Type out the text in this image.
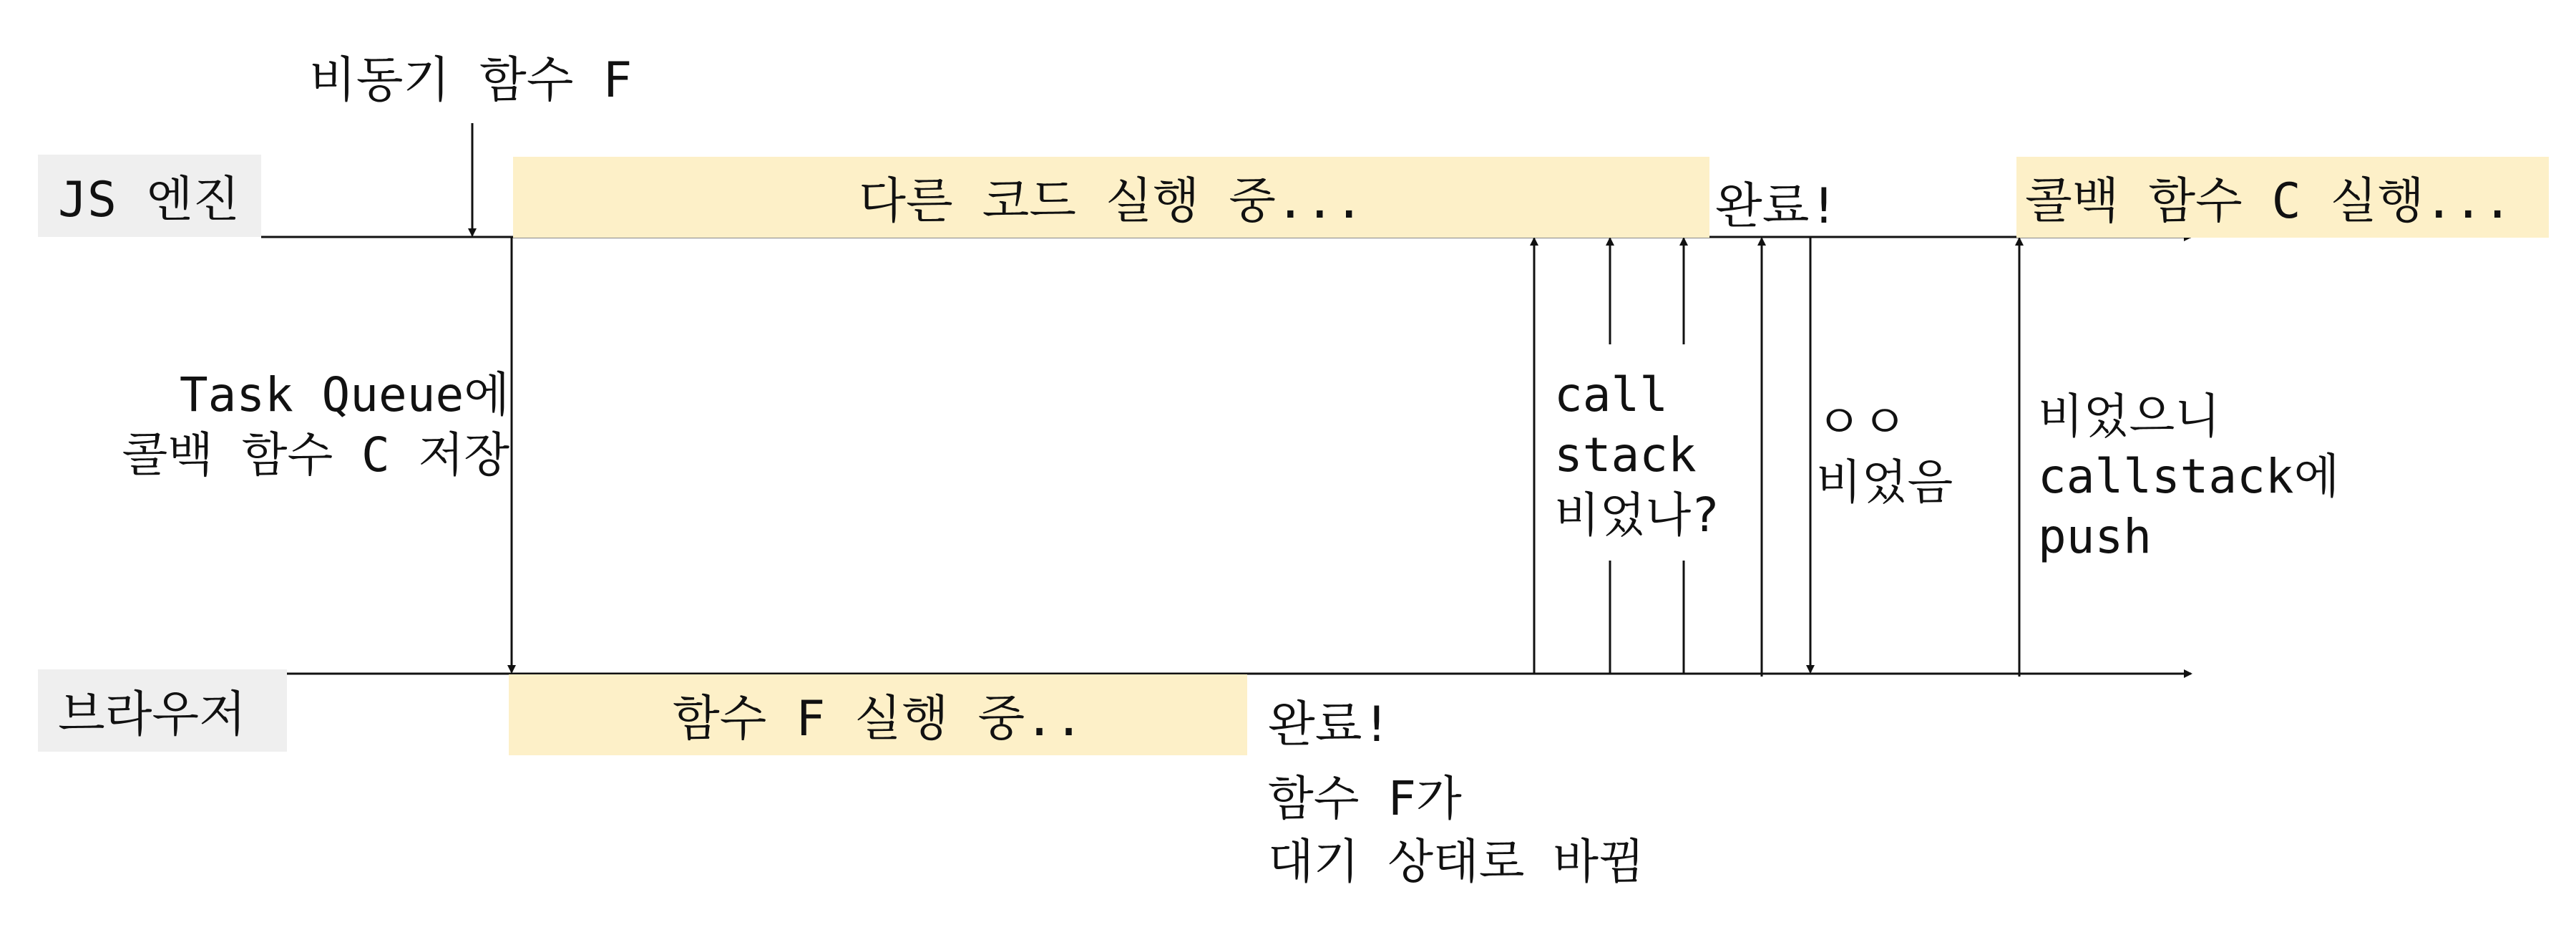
비동기 함수 F
JS 엔진
브라우저
다른 코드 실행 중...	콜백 함수 C 실행...
함수 F 실행 중..
완료!
완료!
Task Queue에
콜백 함수 C 저장
call
stack
비었나?
ㅇㅇ
비었음
비었으니
callstack에
push
함수 F가
대기 상태로 바뀜
